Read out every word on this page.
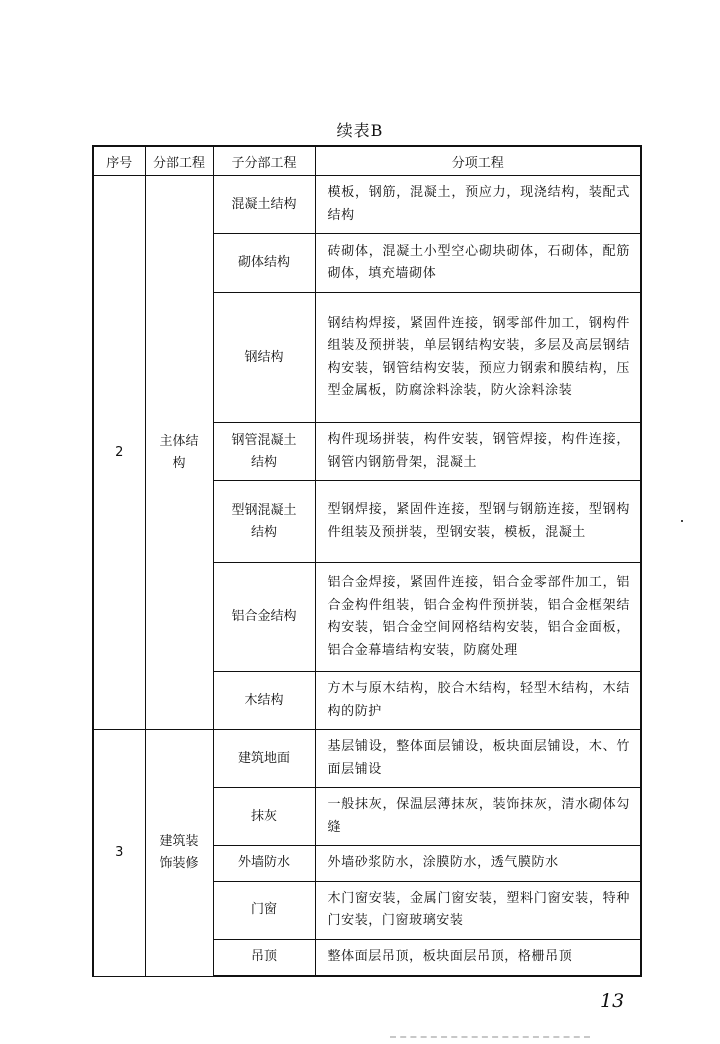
续表B
序号	分部工程	子分部工程	分项工程
2	主体结构	混凝土结构	模板，钢筋，混凝土，预应力，现浇结构，装配式结构
		砌体结构	砖砌体，混凝土小型空心砌块砌体，石砌体，配筋砌体，填充墙砌体
		钢结构	钢结构焊接，紧固件连接，钢零部件加工，钢构件组装及预拼装，单层钢结构安装，多层及高层钢结构安装，钢管结构安装，预应力钢索和膜结构，压型金属板，防腐涂料涂装，防火涂料涂装
		钢管混凝土结构	构件现场拼装，构件安装，钢管焊接，构件连接，钢管内钢筋骨架，混凝土
		型钢混凝土结构	型钢焊接，紧固件连接，型钢与钢筋连接，型钢构件组装及预拼装，型钢安装，模板，混凝土
		铝合金结构	铝合金焊接，紧固件连接，铝合金零部件加工，铝合金构件组装，铝合金构件预拼装，铝合金框架结构安装，铝合金空间网格结构安装，铝合金面板，铝合金幕墙结构安装，防腐处理
		木结构	方木与原木结构，胶合木结构，轻型木结构，木结构的防护
3	建筑装饰装修	建筑地面	基层铺设，整体面层铺设，板块面层铺设，木、竹面层铺设
		抹灰	一般抹灰，保温层薄抹灰，装饰抹灰，清水砌体勾缝
		外墙防水	外墙砂浆防水，涂膜防水，透气膜防水
		门窗	木门窗安装，金属门窗安装，塑料门窗安装，特种门安装，门窗玻璃安装
		吊顶	整体面层吊顶，板块面层吊顶，格栅吊顶
13
